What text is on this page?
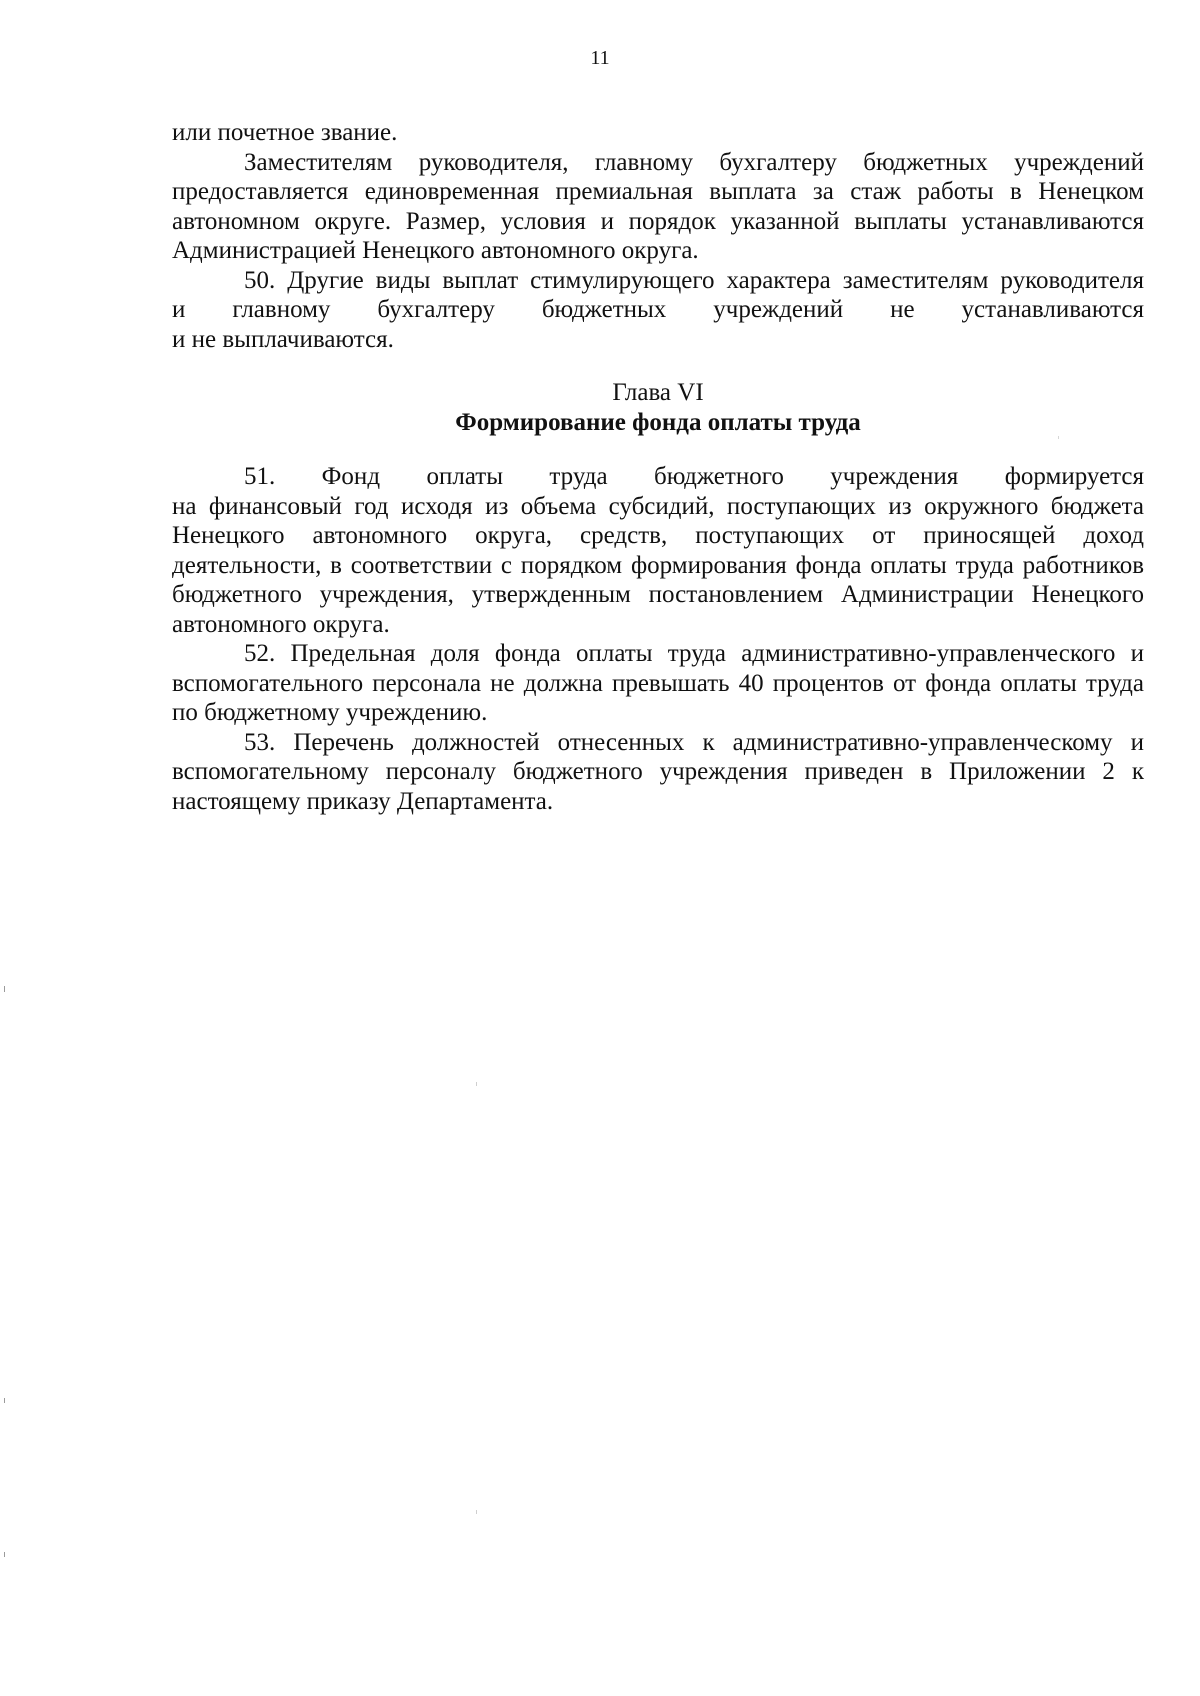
11

или почетное звание.

Заместителям руководителя, главному бухгалтеру бюджетных учреждений предоставляется единовременная премиальная выплата за стаж работы в Ненецком автономном округе. Размер, условия и порядок указанной выплаты устанавливаются Администрацией Ненецкого автономного округа.

50. Другие виды выплат стимулирующего характера заместителям руководителя

и главному бухгалтеру бюджетных учреждений не устанавливаются

и не выплачиваются.

Глава VI
Формирование фонда оплаты труда

51. Фонд оплаты труда бюджетного учреждения формируется

на финансовый год исходя из объема субсидий, поступающих из окружного бюджета Ненецкого автономного округа, средств, поступающих от приносящей доход деятельности, в соответствии с порядком формирования фонда оплаты труда работников бюджетного учреждения, утвержденным постановлением Администрации Ненецкого автономного округа.

52. Предельная доля фонда оплаты труда административно-управленческого и вспомогательного персонала не должна превышать 40 процентов от фонда оплаты труда по бюджетному учреждению.

53. Перечень должностей отнесенных к административно-управленческому и вспомогательному персоналу бюджетного учреждения приведен в Приложении 2 к настоящему приказу Департамента.
